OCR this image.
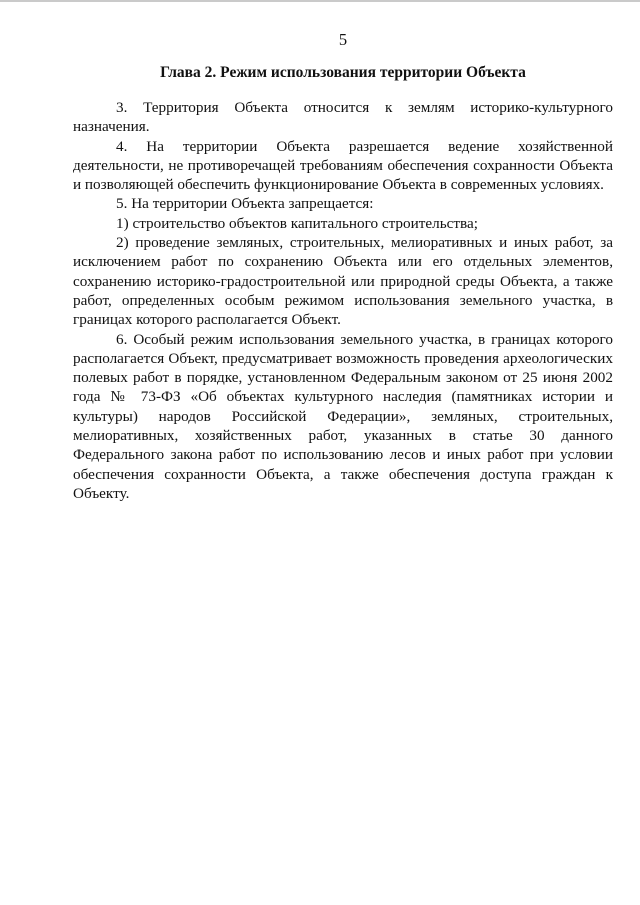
5

Глава 2. Режим использования территории Объекта

3. Территория Объекта относится к землям историко-культурного назначения.

4. На территории Объекта разрешается ведение хозяйственной деятельности, не противоречащей требованиям обеспечения сохранности Объекта и позволяющей обеспечить функционирование Объекта в современных условиях.

5. На территории Объекта запрещается:

1) строительство объектов капитального строительства;

2) проведение земляных, строительных, мелиоративных и иных работ, за исключением работ по сохранению Объекта или его отдельных элементов, сохранению историко-градостроительной или природной среды Объекта, а также работ, определенных особым режимом использования земельного участка, в границах которого располагается Объект.

6. Особый режим использования земельного участка, в границах которого располагается Объект, предусматривает возможность проведения археологических полевых работ в порядке, установленном Федеральным законом от 25 июня 2002 года № 73-ФЗ «Об объектах культурного наследия (памятниках истории и культуры) народов Российской Федерации», земляных, строительных, мелиоративных, хозяйственных работ, указанных в статье 30 данного Федерального закона работ по использованию лесов и иных работ при условии обеспечения сохранности Объекта, а также обеспечения доступа граждан к Объекту.
